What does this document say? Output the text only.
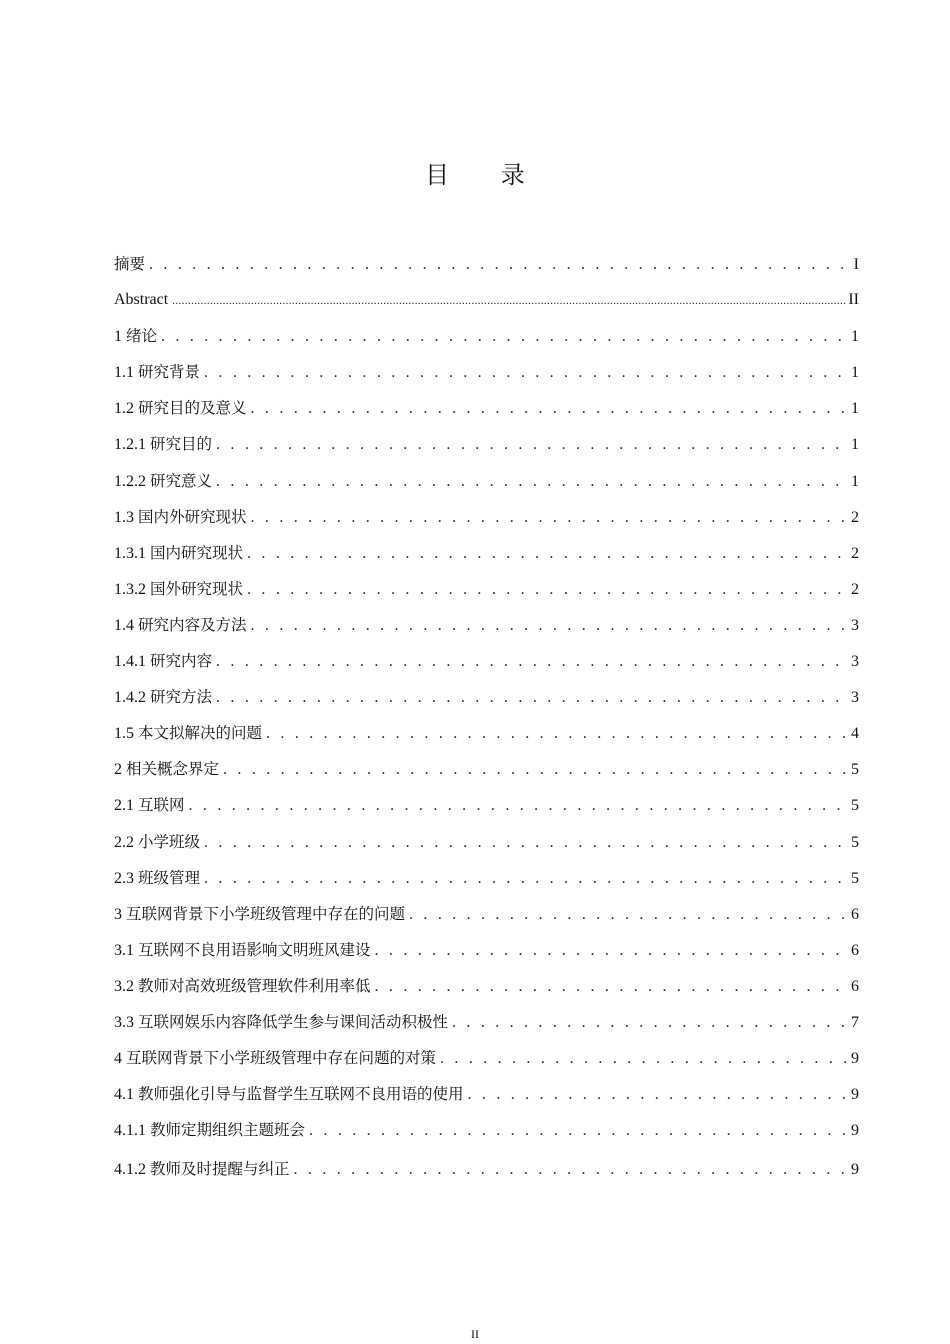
目 录
摘要 . . .	I
Abstract .....	II
1 绪论 . . .	1
1.1 研究背景 . . .	1
1.2 研究目的及意义 . . .	1
1.2.1 研究目的 . . .	1
1.2.2 研究意义 . . .	1
1.3 国内外研究现状 . . .	2
1.3.1 国内研究现状 . . .	2
1.3.2 国外研究现状 . . .	2
1.4 研究内容及方法 . . .	3
1.4.1 研究内容 . . .	3
1.4.2 研究方法 . . .	3
1.5 本文拟解决的问题 . . .	4
2 相关概念界定 . . .	5
2.1 互联网 . . .	5
2.2 小学班级 . . .	5
2.3 班级管理 . . .	5
3 互联网背景下小学班级管理中存在的问题 . . .	6
3.1 互联网不良用语影响文明班风建设 . . .	6
3.2 教师对高效班级管理软件利用率低 . . .	6
3.3 互联网娱乐内容降低学生参与课间活动积极性 . . .	7
4 互联网背景下小学班级管理中存在问题的对策 . . .	9
4.1 教师强化引导与监督学生互联网不良用语的使用 . . .	9
4.1.1 教师定期组织主题班会 . . .	9
4.1.2 教师及时提醒与纠正 . . .	9
II
